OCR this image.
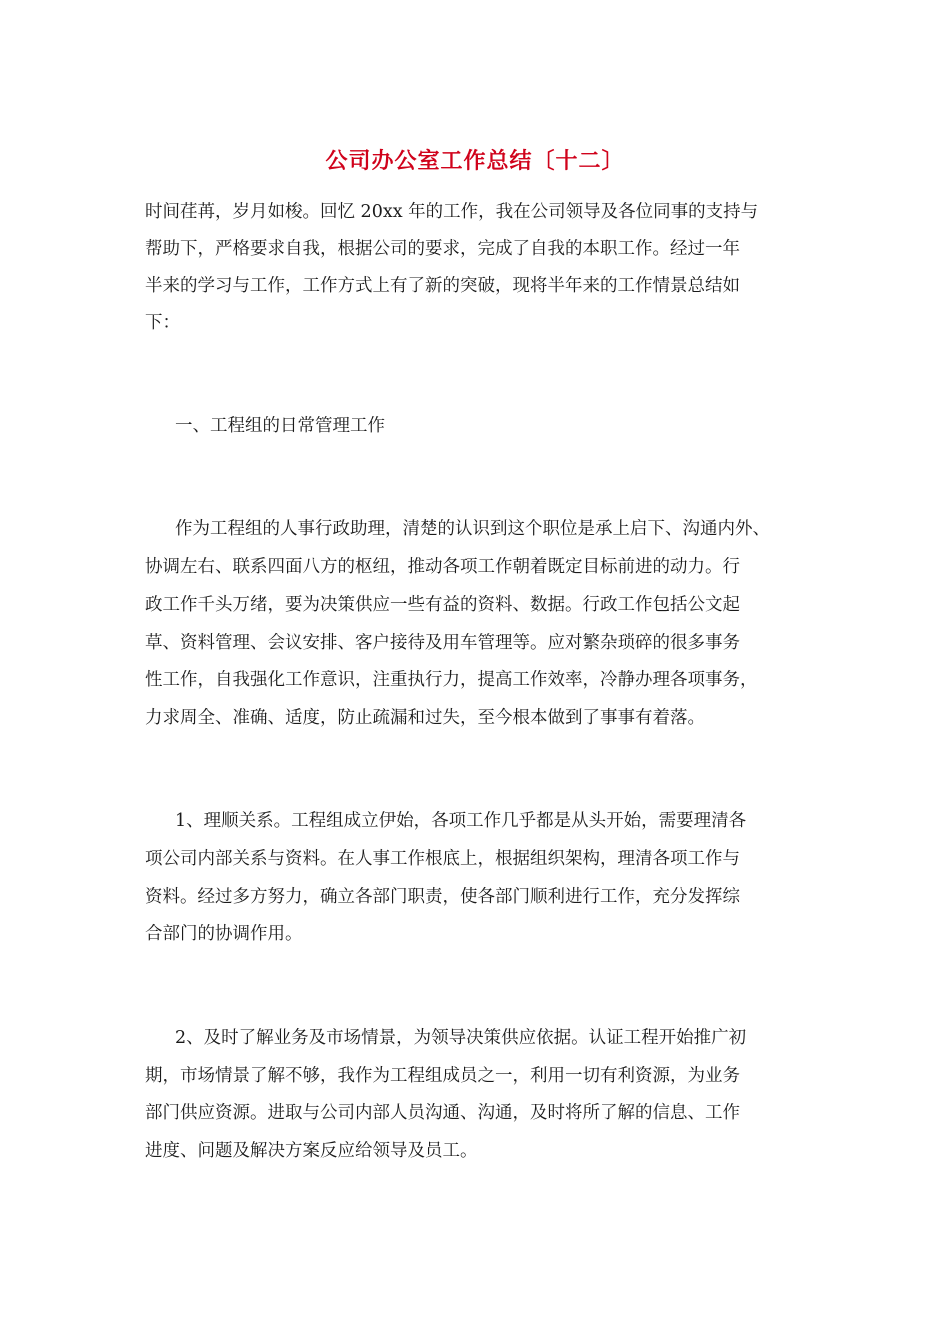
公司办公室工作总结〔十二〕
时间荏苒，岁月如梭。回忆 20xx 年的工作，我在公司领导及各位同事的支持与
帮助下，严格要求自我，根据公司的要求，完成了自我的本职工作。经过一年
半来的学习与工作，工作方式上有了新的突破，现将半年来的工作情景总结如
下：
一、工程组的日常管理工作
作为工程组的人事行政助理，清楚的认识到这个职位是承上启下、沟通内外、
协调左右、联系四面八方的枢纽，推动各项工作朝着既定目标前进的动力。行
政工作千头万绪，要为决策供应一些有益的资料、数据。行政工作包括公文起
草、资料管理、会议安排、客户接待及用车管理等。应对繁杂琐碎的很多事务
性工作，自我强化工作意识，注重执行力，提高工作效率，冷静办理各项事务，
力求周全、准确、适度，防止疏漏和过失，至今根本做到了事事有着落。
1、理顺关系。工程组成立伊始，各项工作几乎都是从头开始，需要理清各
项公司内部关系与资料。在人事工作根底上，根据组织架构，理清各项工作与
资料。经过多方努力，确立各部门职责，使各部门顺利进行工作，充分发挥综
合部门的协调作用。
2、及时了解业务及市场情景，为领导决策供应依据。认证工程开始推广初
期，市场情景了解不够，我作为工程组成员之一，利用一切有利资源，为业务
部门供应资源。进取与公司内部人员沟通、沟通，及时将所了解的信息、工作
进度、问题及解决方案反应给领导及员工。
